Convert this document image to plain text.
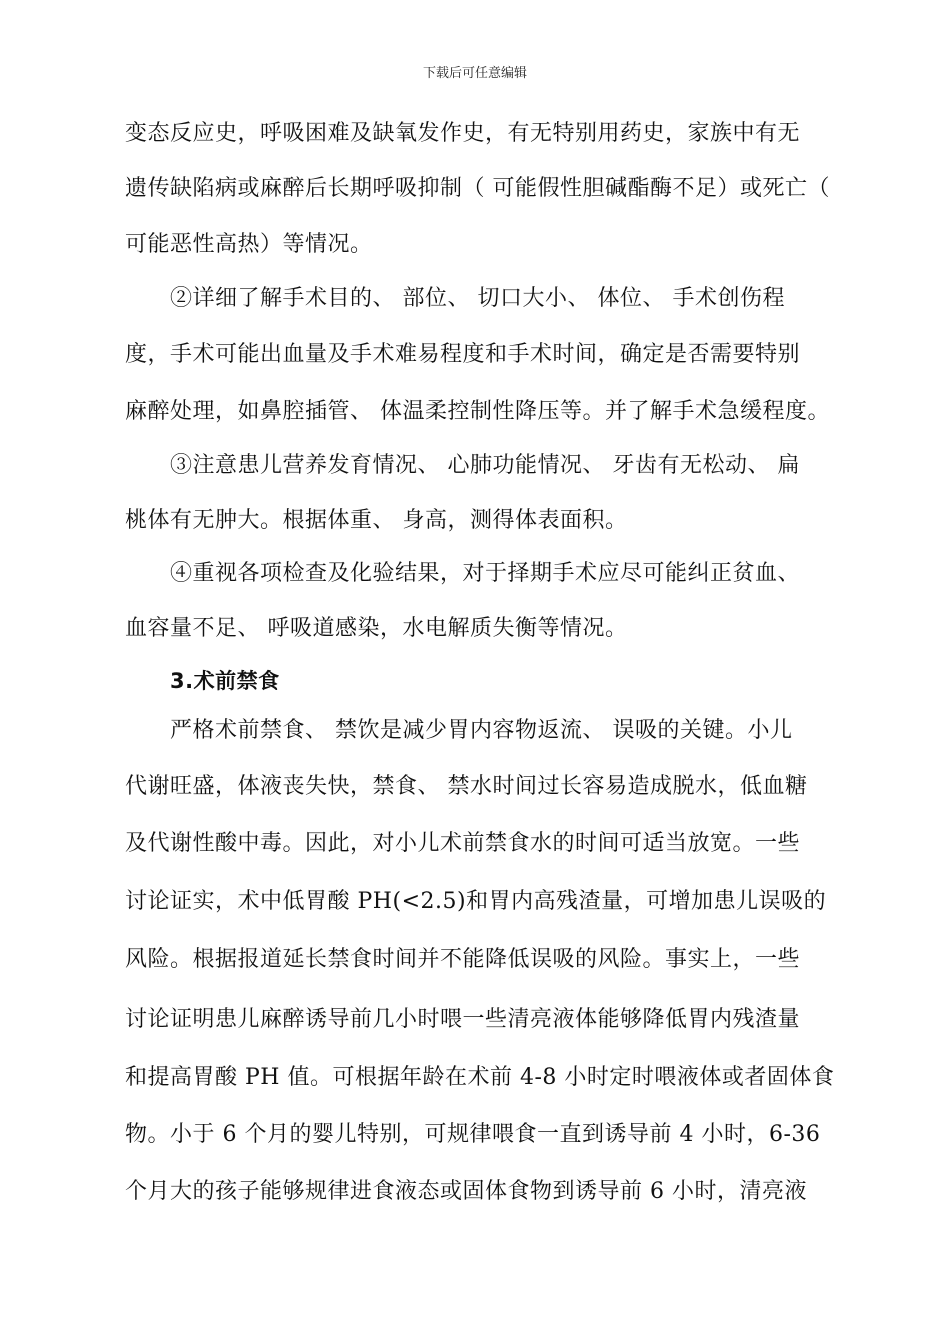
下载后可任意编辑
变态反应史，呼吸困难及缺氧发作史，有无特别用药史，家族中有无
遗传缺陷病或麻醉后长期呼吸抑制（ 可能假性胆碱酯酶不足）或死亡（
可能恶性高热）等情况。
②详细了解手术目的、 部位、 切口大小、 体位、 手术创伤程
度，手术可能出血量及手术难易程度和手术时间，确定是否需要特别
麻醉处理，如鼻腔插管、 体温柔控制性降压等。并了解手术急缓程度。
③注意患儿营养发育情况、 心肺功能情况、 牙齿有无松动、 扁
桃体有无肿大。根据体重、 身高，测得体表面积。
④重视各项检查及化验结果，对于择期手术应尽可能纠正贫血、
血容量不足、 呼吸道感染，水电解质失衡等情况。
3.术前禁食
严格术前禁食、 禁饮是减少胃内容物返流、 误吸的关键。小儿
代谢旺盛，体液丧失快，禁食、 禁水时间过长容易造成脱水，低血糖
及代谢性酸中毒。因此，对小儿术前禁食水的时间可适当放宽。一些
讨论证实，术中低胃酸 PH(<2.5)和胃内高残渣量，可增加患儿误吸的
风险。根据报道延长禁食时间并不能降低误吸的风险。事实上，一些
讨论证明患儿麻醉诱导前几小时喂一些清亮液体能够降低胃内残渣量
和提高胃酸 PH 值。可根据年龄在术前 4-8 小时定时喂液体或者固体食
物。小于 6 个月的婴儿特别，可规律喂食一直到诱导前 4 小时，6-36
个月大的孩子能够规律进食液态或固体食物到诱导前 6 小时，清亮液
